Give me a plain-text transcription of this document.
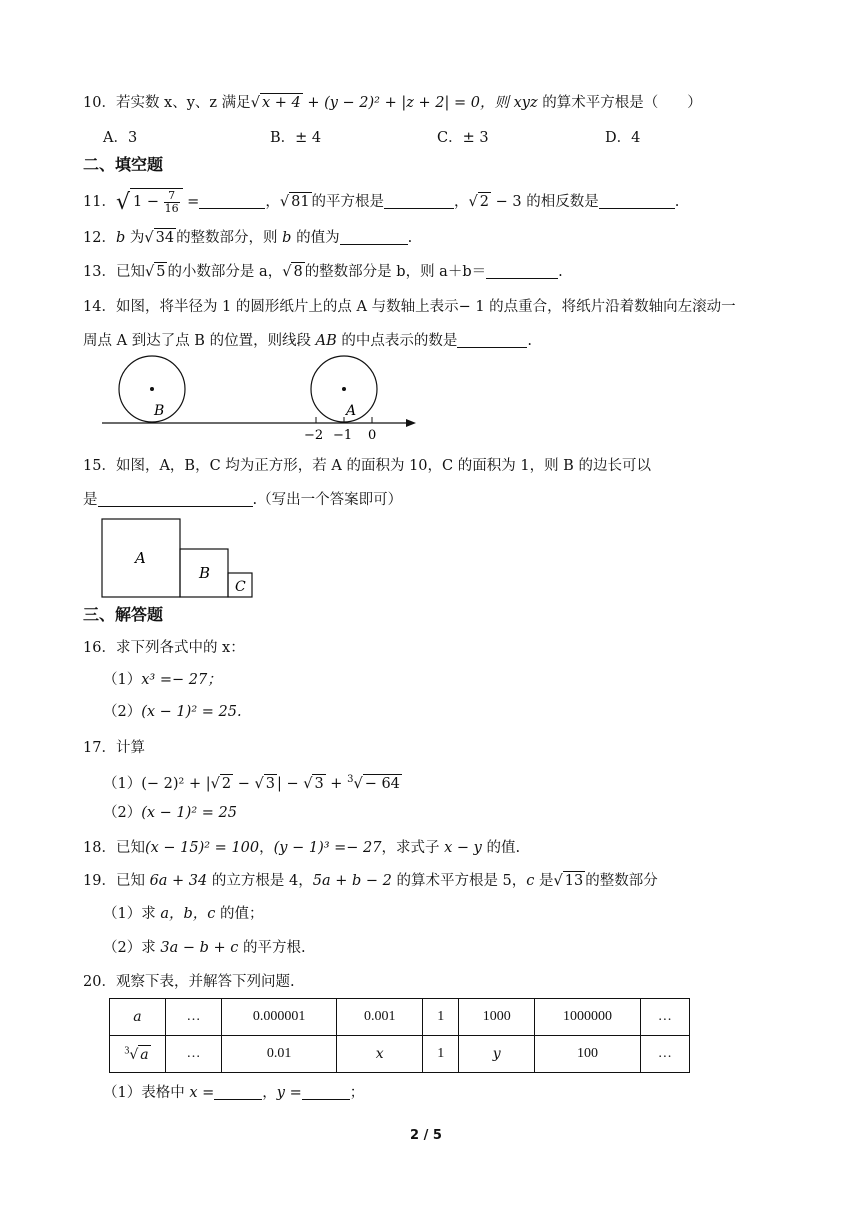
10．若实数 x、y、z 满足√ x + 4 + (y − 2)² + |z + 2| = 0，则 xyz 的算术平方根是（　　）
A．3	B．± 4	C．± 3	D．4
二、填空题
11．√ $1 - \frac{7}{16}$ =	，√ 81 的平方根是	，√ 2 − 3 的相反数是	.
12．b 为√ 34 的整数部分，则 b 的值为	.
13．已知√ 5 的小数部分是 a，√ 8 的整数部分是 b，则 a＋b＝	.
14．如图，将半径为 1 的圆形纸片上的点 A 与数轴上表示− 1 的点重合，将纸片沿着数轴向左滚动一
周点 A 到达了点 B 的位置，则线段 AB 的中点表示的数是	.
B	A
−2 −1 0
15．如图，A，B，C 均为正方形，若 A 的面积为 10，C 的面积为 1，则 B 的边长可以
是	.（写出一个答案即可）
A
B
C
三、解答题
16．求下列各式中的 x：
（1）x³ =− 27；
（2）(x − 1)² = 25.
17．计算
（1）(− 2)² + |√ 2 − √ 3 | − √ 3 + $^3$√ − 64
（2）(x − 1)² = 25
18．已知(x − 15)² = 100，(y − 1)³ =− 27，求式子 x − y 的值.
19．已知 6a + 34 的立方根是 4，5a + b − 2 的算术平方根是 5，c 是√ 13 的整数部分
（1）求 a，b，c 的值；
（2）求 3a − b + c 的平方根.
20．观察下表，并解答下列问题.
a	…	0.000001	0.001	1	1000	1000000	…
$^3$√ a	…	0.01	x	1	y	100	…
（1）表格中 x =	，y =	；
2 / 5
